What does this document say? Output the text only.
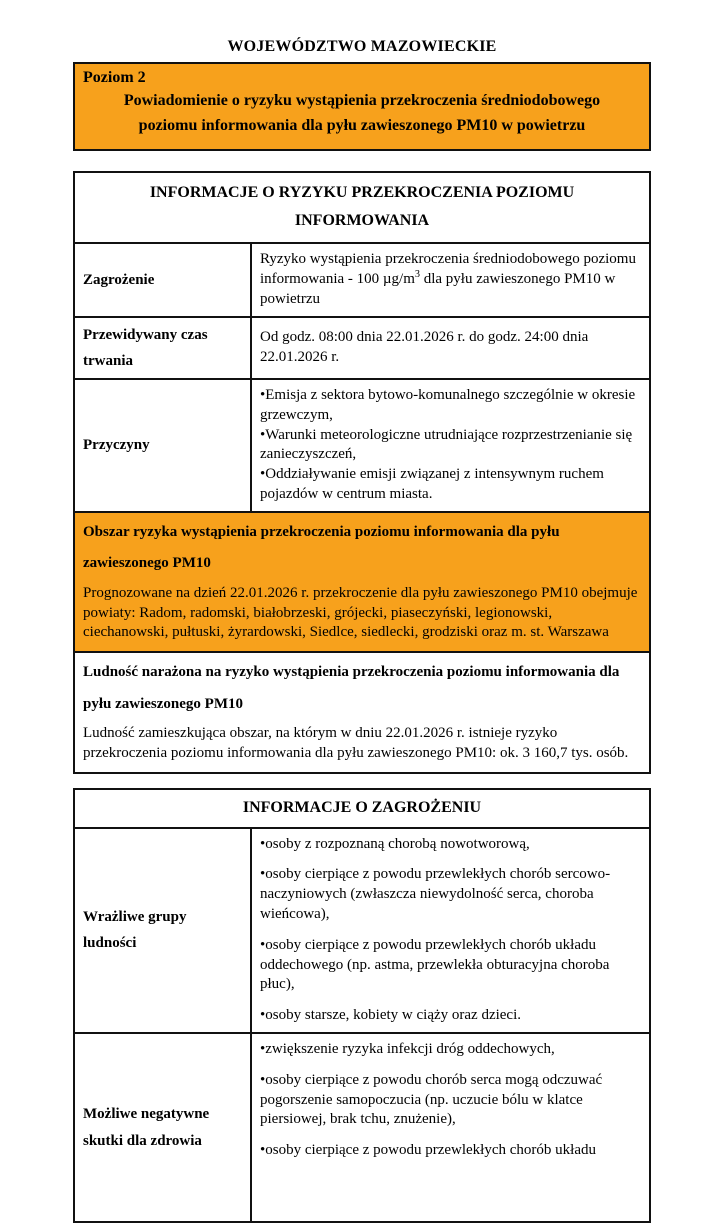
WOJEWÓDZTWO MAZOWIECKIE
Poziom 2
Powiadomienie o ryzyku wystąpienia przekroczenia średniodobowego poziomu informowania dla pyłu zawieszonego PM10 w powietrzu
INFORMACJE O RYZYKU PRZEKROCZENIA POZIOMU INFORMOWANIA	
Zagrożenie	Ryzyko wystąpienia przekroczenia średniodobowego poziomu informowania - 100 $\mu g/m^3$ dla pyłu zawieszonego PM10 w powietrzu
Przewidywany czas trwania	Od godz. 08:00 dnia 22.01.2026 r. do godz. 24:00 dnia 22.01.2026 r.
Przyczyny	• Emisja z sektora bytowo-komunalnego szczególnie w okresie grzewczym,
• Warunki meteorologiczne utrudniające rozprzestrzenianie się zanieczyszczeń,
• Oddziaływanie emisji związanej z intensywnym ruchem pojazdów w centrum miasta.

Obszar ryzyka wystąpienia przekroczenia poziomu informowania dla pyłu zawieszonego PM10
Prognozowane na dzień 22.01.2026 r. przekroczenie dla pyłu zawieszonego PM10 obejmuje powiaty: Radom, radomski, białobrzeski, grójecki, piaseczyński, legionowski, ciechanowski, pułtuski, żyrardowski, Siedlce, siedlecki, grodziski oraz m. st. Warszawa	

Ludność narażona na ryzyko wystąpienia przekroczenia poziomu informowania dla pyłu zawieszonego PM10
Ludność zamieszkująca obszar, na którym w dniu 22.01.2026 r. istnieje ryzyko przekroczenia poziomu informowania dla pyłu zawieszonego PM10: ok. 3 160,7 tys. osób.	
INFORMACJE O ZAGROŻENIU	
Wrażliwe grupy ludności	• osoby z rozpoznaną chorobą nowotworową,
• osoby cierpiące z powodu przewlekłych chorób sercowo-naczyniowych (zwłaszcza niewydolność serca, choroba wieńcowa),
• osoby cierpiące z powodu przewlekłych chorób układu oddechowego (np. astma, przewlekła obturacyjna choroba płuc),
• osoby starsze, kobiety w ciąży oraz dzieci.

Możliwe negatywne skutki dla zdrowia	• zwiększenie ryzyka infekcji dróg oddechowych,
• osoby cierpiące z powodu chorób serca mogą odczuwać pogorszenie samopoczucia (np. uczucie bólu w klatce piersiowej, brak tchu, znużenie),
• osoby cierpiące z powodu przewlekłych chorób układu
